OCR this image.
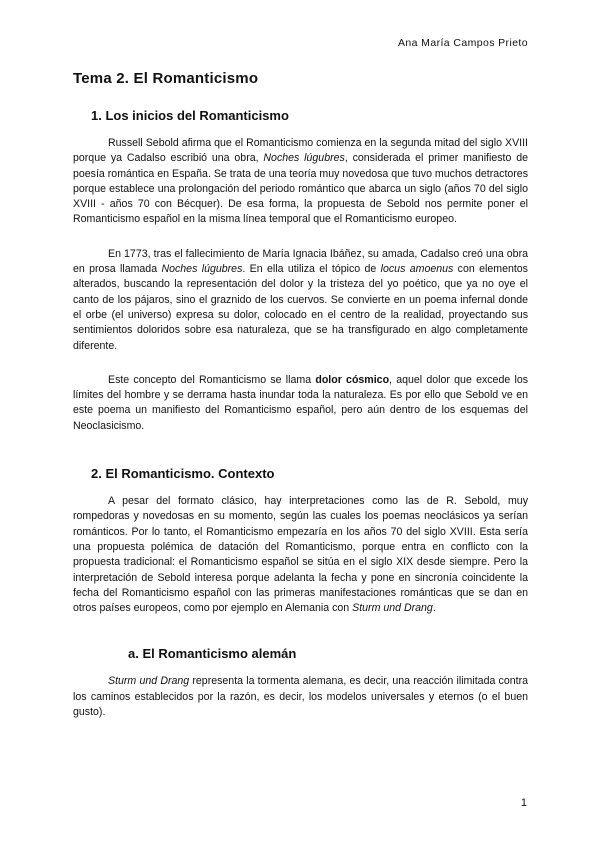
Ana María Campos Prieto
Tema 2. El Romanticismo
1. Los inicios del Romanticismo

Russell Sebold afirma que el Romanticismo comienza en la segunda mitad del siglo XVIII porque ya Cadalso escribió una obra, Noches lúgubres, considerada el primer manifiesto de poesía romántica en España. Se trata de una teoría muy novedosa que tuvo muchos detractores porque establece una prolongación del periodo romántico que abarca un siglo (años 70 del siglo XVIII - años 70 con Bécquer). De esa forma, la propuesta de Sebold nos permite poner el Romanticismo español en la misma línea temporal que el Romanticismo europeo.

En 1773, tras el fallecimiento de María Ignacia Ibáñez, su amada, Cadalso creó una obra en prosa llamada Noches lúgubres. En ella utiliza el tópico de locus amoenus con elementos alterados, buscando la representación del dolor y la tristeza del yo poético, que ya no oye el canto de los pájaros, sino el graznido de los cuervos. Se convierte en un poema infernal donde el orbe (el universo) expresa su dolor, colocado en el centro de la realidad, proyectando sus sentimientos doloridos sobre esa naturaleza, que se ha transfigurado en algo completamente diferente.

Este concepto del Romanticismo se llama dolor cósmico, aquel dolor que excede los límites del hombre y se derrama hasta inundar toda la naturaleza. Es por ello que Sebold ve en este poema un manifiesto del Romanticismo español, pero aún dentro de los esquemas del Neoclasicismo.

2. El Romanticismo. Contexto

A pesar del formato clásico, hay interpretaciones como las de R. Sebold, muy rompedoras y novedosas en su momento, según las cuales los poemas neoclásicos ya serían románticos. Por lo tanto, el Romanticismo empezaría en los años 70 del siglo XVIII. Esta sería una propuesta polémica de datación del Romanticismo, porque entra en conflicto con la propuesta tradicional: el Romanticismo español se sitúa en el siglo XIX desde siempre. Pero la interpretación de Sebold interesa porque adelanta la fecha y pone en sincronía coincidente la fecha del Romanticismo español con las primeras manifestaciones románticas que se dan en otros países europeos, como por ejemplo en Alemania con Sturm und Drang.

a. El Romanticismo alemán

Sturm und Drang representa la tormenta alemana, es decir, una reacción ilimitada contra los caminos establecidos por la razón, es decir, los modelos universales y eternos (o el buen gusto).

1
